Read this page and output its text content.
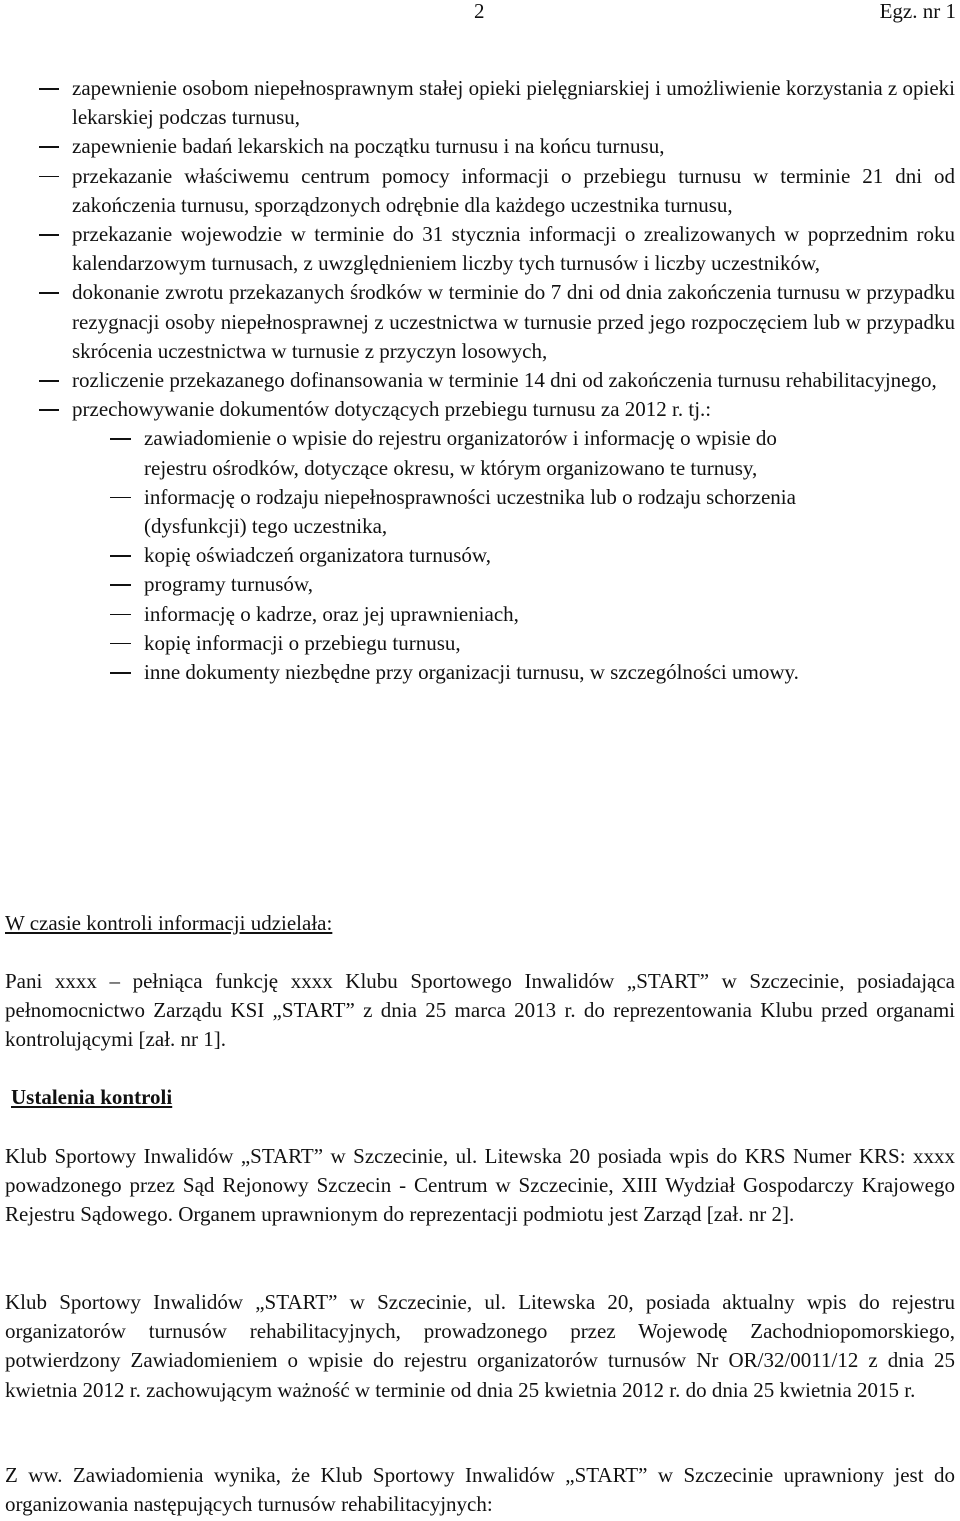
2	Egz. nr 1
zapewnienie osobom niepełnosprawnym stałej opieki pielęgniarskiej i umożliwienie korzystania z opieki lekarskiej podczas turnusu,
zapewnienie badań lekarskich na początku turnusu i na końcu turnusu,
przekazanie właściwemu centrum pomocy informacji o przebiegu turnusu w terminie 21 dni od zakończenia turnusu, sporządzonych odrębnie dla każdego uczestnika turnusu,
przekazanie wojewodzie w terminie do 31 stycznia informacji o zrealizowanych w poprzednim roku kalendarzowym turnusach, z uwzględnieniem liczby tych turnusów i liczby uczestników,
dokonanie zwrotu przekazanych środków w terminie do 7 dni od dnia zakończenia turnusu w przypadku rezygnacji osoby niepełnosprawnej z uczestnictwa w turnusie przed jego rozpoczęciem lub w przypadku skrócenia uczestnictwa w turnusie z przyczyn losowych,
rozliczenie przekazanego dofinansowania w terminie 14 dni od zakończenia turnusu rehabilitacyjnego,
przechowywanie dokumentów dotyczących przebiegu turnusu za 2012 r. tj.:
zawiadomienie o wpisie do rejestru organizatorów i informację o wpisie do rejestru ośrodków, dotyczące okresu, w którym organizowano te turnusy,
informację o rodzaju niepełnosprawności uczestnika lub o rodzaju schorzenia (dysfunkcji) tego uczestnika,
kopię oświadczeń organizatora turnusów,
programy turnusów,
informację o kadrze, oraz jej uprawnieniach,
kopię informacji o przebiegu turnusu,
inne dokumenty niezbędne przy organizacji turnusu, w szczególności umowy.
W czasie kontroli informacji udzielała:
Pani xxxx – pełniąca funkcję xxxx Klubu Sportowego Inwalidów „START” w Szczecinie, posiadająca pełnomocnictwo Zarządu KSI „START” z dnia 25 marca 2013 r. do reprezentowania Klubu przed organami kontrolującymi [zał. nr 1].
Ustalenia kontroli
Klub Sportowy Inwalidów „START” w Szczecinie, ul. Litewska 20 posiada wpis do KRS Numer KRS: xxxx powadzonego przez Sąd Rejonowy Szczecin - Centrum w Szczecinie, XIII Wydział Gospodarczy Krajowego Rejestru Sądowego. Organem uprawnionym do reprezentacji podmiotu jest Zarząd [zał. nr 2].
Klub Sportowy Inwalidów „START” w Szczecinie, ul. Litewska 20, posiada aktualny wpis do rejestru organizatorów turnusów rehabilitacyjnych, prowadzonego przez Wojewodę Zachodniopomorskiego, potwierdzony Zawiadomieniem o wpisie do rejestru organizatorów turnusów Nr OR/32/0011/12 z dnia 25 kwietnia 2012 r. zachowującym ważność w terminie od dnia 25 kwietnia 2012 r. do dnia 25 kwietnia 2015 r.
Z ww. Zawiadomienia wynika, że Klub Sportowy Inwalidów „START” w Szczecinie uprawniony jest do organizowania następujących turnusów rehabilitacyjnych:
